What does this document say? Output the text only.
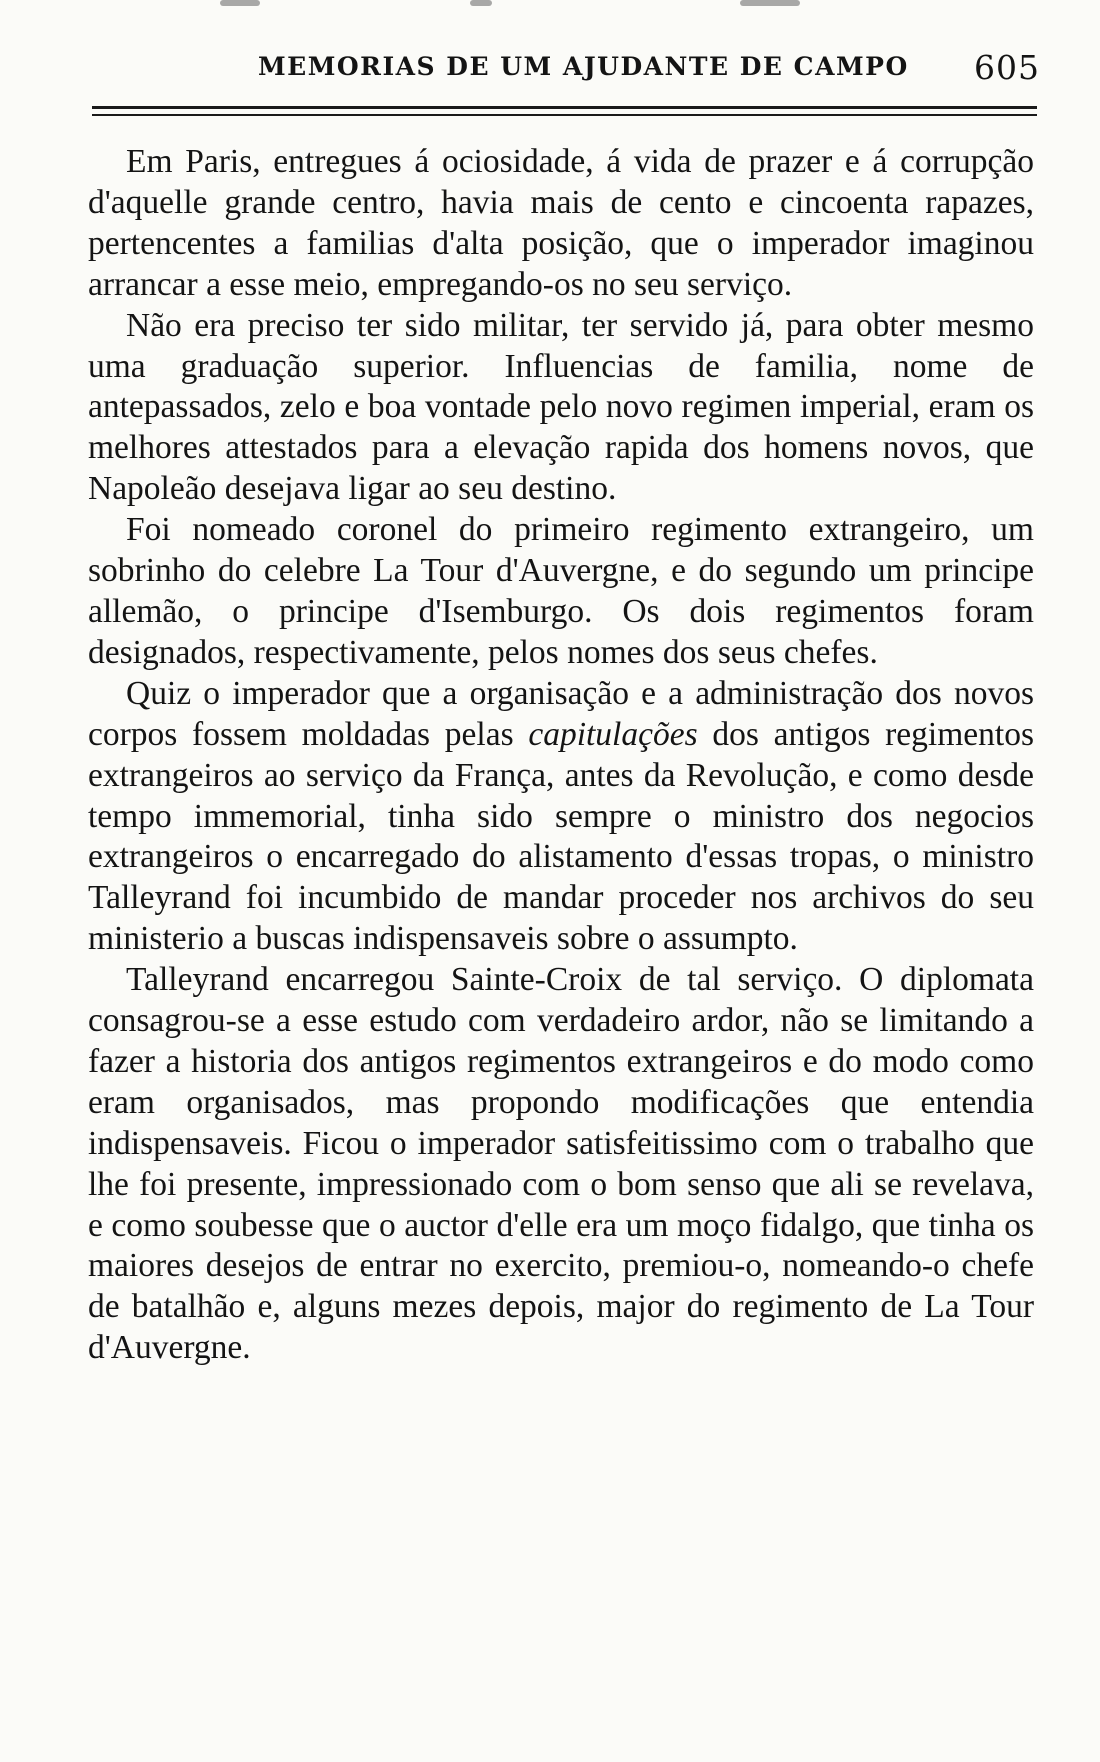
MEMORIAS DE UM AJUDANTE DE CAMPO 605

Em Paris, entregues á ociosidade, á vida de prazer e á corrupção d'aquelle grande centro, havia mais de cento e cincoenta rapazes, pertencentes a familias d'alta posição, que o imperador imaginou arrancar a esse meio, empregando-os no seu serviço.

Não era preciso ter sido militar, ter servido já, para obter mesmo uma graduação superior. Influencias de familia, nome de antepassados, zelo e boa vontade pelo novo regimen imperial, eram os melhores attestados para a elevação rapida dos homens novos, que Napoleão desejava ligar ao seu destino.

Foi nomeado coronel do primeiro regimento extrangeiro, um sobrinho do celebre La Tour d'Auvergne, e do segundo um principe allemão, o principe d'Isemburgo. Os dois regimentos foram designados, respectivamente, pelos nomes dos seus chefes.

Quiz o imperador que a organisação e a administração dos novos corpos fossem moldadas pelas capitulações dos antigos regimentos extrangeiros ao serviço da França, antes da Revolução, e como desde tempo immemorial, tinha sido sempre o ministro dos negocios extrangeiros o encarregado do alistamento d'essas tropas, o ministro Talleyrand foi incumbido de mandar proceder nos archivos do seu ministerio a buscas indispensaveis sobre o assumpto.

Talleyrand encarregou Sainte-Croix de tal serviço. O diplomata consagrou-se a esse estudo com verdadeiro ardor, não se limitando a fazer a historia dos antigos regimentos extrangeiros e do modo como eram organisados, mas propondo modificações que entendia indispensaveis. Ficou o imperador satisfeitissimo com o trabalho que lhe foi presente, impressionado com o bom senso que ali se revelava, e como soubesse que o auctor d'elle era um moço fidalgo, que tinha os maiores desejos de entrar no exercito, premiou-o, nomeando-o chefe de batalhão e, alguns mezes depois, major do regimento de La Tour d'Auvergne.
